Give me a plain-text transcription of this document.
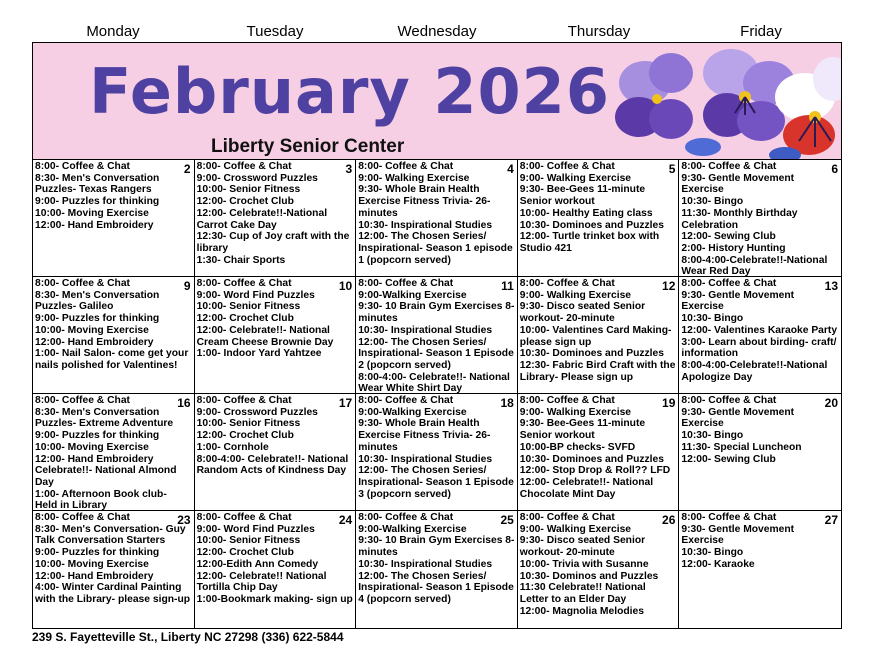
Monday	Tuesday	Wednesday	Thursday	Friday
February 2026
Liberty Senior Center
2
8:00- Coffee & Chat
8:30- Men's Conversation Puzzles- Texas Rangers
9:00- Puzzles for thinking
10:00- Moving Exercise
12:00- Hand Embroidery
3
8:00- Coffee & Chat
9:00- Crossword Puzzles
10:00- Senior Fitness
12:00- Crochet Club
12:00- Celebrate!!-National Carrot Cake Day
12:30- Cup of Joy craft with the library
1:30- Chair Sports
4
8:00- Coffee & Chat
9:00- Walking Exercise
9:30- Whole Brain Health Exercise Fitness Trivia- 26-minutes
10:30- Inspirational Studies
12:00- The Chosen Series/ Inspirational- Season 1 episode 1 (popcorn served)
5
8:00- Coffee & Chat
9:00- Walking Exercise
9:30- Bee-Gees 11-minute Senior workout
10:00- Healthy Eating class
10:30- Dominoes and Puzzles
12:00- Turtle trinket box with Studio 421
6
8:00- Coffee & Chat
9:30- Gentle Movement Exercise
10:30- Bingo
11:30- Monthly Birthday Celebration
12:00- Sewing Club
2:00- History Hunting
8:00-4:00-Celebrate!!-National Wear Red Day
9
8:00- Coffee & Chat
8:30- Men's Conversation Puzzles- Galileo
9:00- Puzzles for thinking
10:00- Moving Exercise
12:00- Hand Embroidery
1:00- Nail Salon- come get your nails polished for Valentines!
10
8:00- Coffee & Chat
9:00- Word Find Puzzles
10:00- Senior Fitness
12:00- Crochet Club
12:00- Celebrate!!- National Cream Cheese Brownie Day
1:00- Indoor Yard Yahtzee
11
8:00- Coffee & Chat
9:00-Walking Exercise
9:30- 10 Brain Gym Exercises 8-minutes
10:30- Inspirational Studies
12:00- The Chosen Series/ Inspirational- Season 1 Episode 2 (popcorn served)
8:00-4:00- Celebrate!!- National Wear White Shirt Day
12
8:00- Coffee & Chat
9:00- Walking Exercise
9:30- Disco seated Senior workout- 20-minute
10:00- Valentines Card Making- please sign up
10:30- Dominoes and Puzzles
12:30- Fabric Bird Craft with the Library- Please sign up
13
8:00- Coffee & Chat
9:30- Gentle Movement Exercise
10:30- Bingo
12:00- Valentines Karaoke Party
3:00- Learn about birding- craft/ information
8:00-4:00-Celebrate!!-National Apologize Day
16
8:00- Coffee & Chat
8:30- Men's Conversation Puzzles- Extreme Adventure
9:00- Puzzles for thinking
10:00- Moving Exercise
12:00- Hand Embroidery Celebrate!!- National Almond Day
1:00- Afternoon Book club- Held in Library
17
8:00- Coffee & Chat
9:00- Crossword Puzzles
10:00- Senior Fitness
12:00- Crochet Club
1:00- Cornhole
8:00-4:00- Celebrate!!- National Random Acts of Kindness Day
18
8:00- Coffee & Chat
9:00-Walking Exercise
9:30- Whole Brain Health Exercise Fitness Trivia- 26-minutes
10:30- Inspirational Studies
12:00- The Chosen Series/ Inspirational- Season 1 Episode 3 (popcorn served)
19
8:00- Coffee & Chat
9:00- Walking Exercise
9:30- Bee-Gees 11-minute Senior workout
10:00-BP checks- SVFD
10:30- Dominoes and Puzzles
12:00- Stop Drop & Roll?? LFD
12:00- Celebrate!!- National Chocolate Mint Day
20
8:00- Coffee & Chat
9:30- Gentle Movement Exercise
10:30- Bingo
11:30- Special Luncheon
12:00- Sewing Club
23
8:00- Coffee & Chat
8:30- Men's Conversation- Guy Talk Conversation Starters
9:00- Puzzles for thinking
10:00- Moving Exercise
12:00- Hand Embroidery
4:00- Winter Cardinal Painting with the Library- please sign-up
24
8:00- Coffee & Chat
9:00- Word Find Puzzles
10:00- Senior Fitness
12:00- Crochet Club
12:00-Edith Ann Comedy
12:00- Celebrate!! National Tortilla Chip Day
1:00-Bookmark making- sign up
25
8:00- Coffee & Chat
9:00-Walking Exercise
9:30- 10 Brain Gym Exercises 8-minutes
10:30- Inspirational Studies
12:00- The Chosen Series/ Inspirational- Season 1 Episode 4 (popcorn served)
26
8:00- Coffee & Chat
9:00- Walking Exercise
9:30- Disco seated Senior workout- 20-minute
10:00- Trivia with Susanne
10:30- Dominos and Puzzles
11:30 Celebrate!! National Letter to an Elder Day
12:00- Magnolia Melodies
27
8:00- Coffee & Chat
9:30- Gentle Movement Exercise
10:30- Bingo
12:00- Karaoke
239 S. Fayetteville St., Liberty NC 27298 (336) 622-5844
